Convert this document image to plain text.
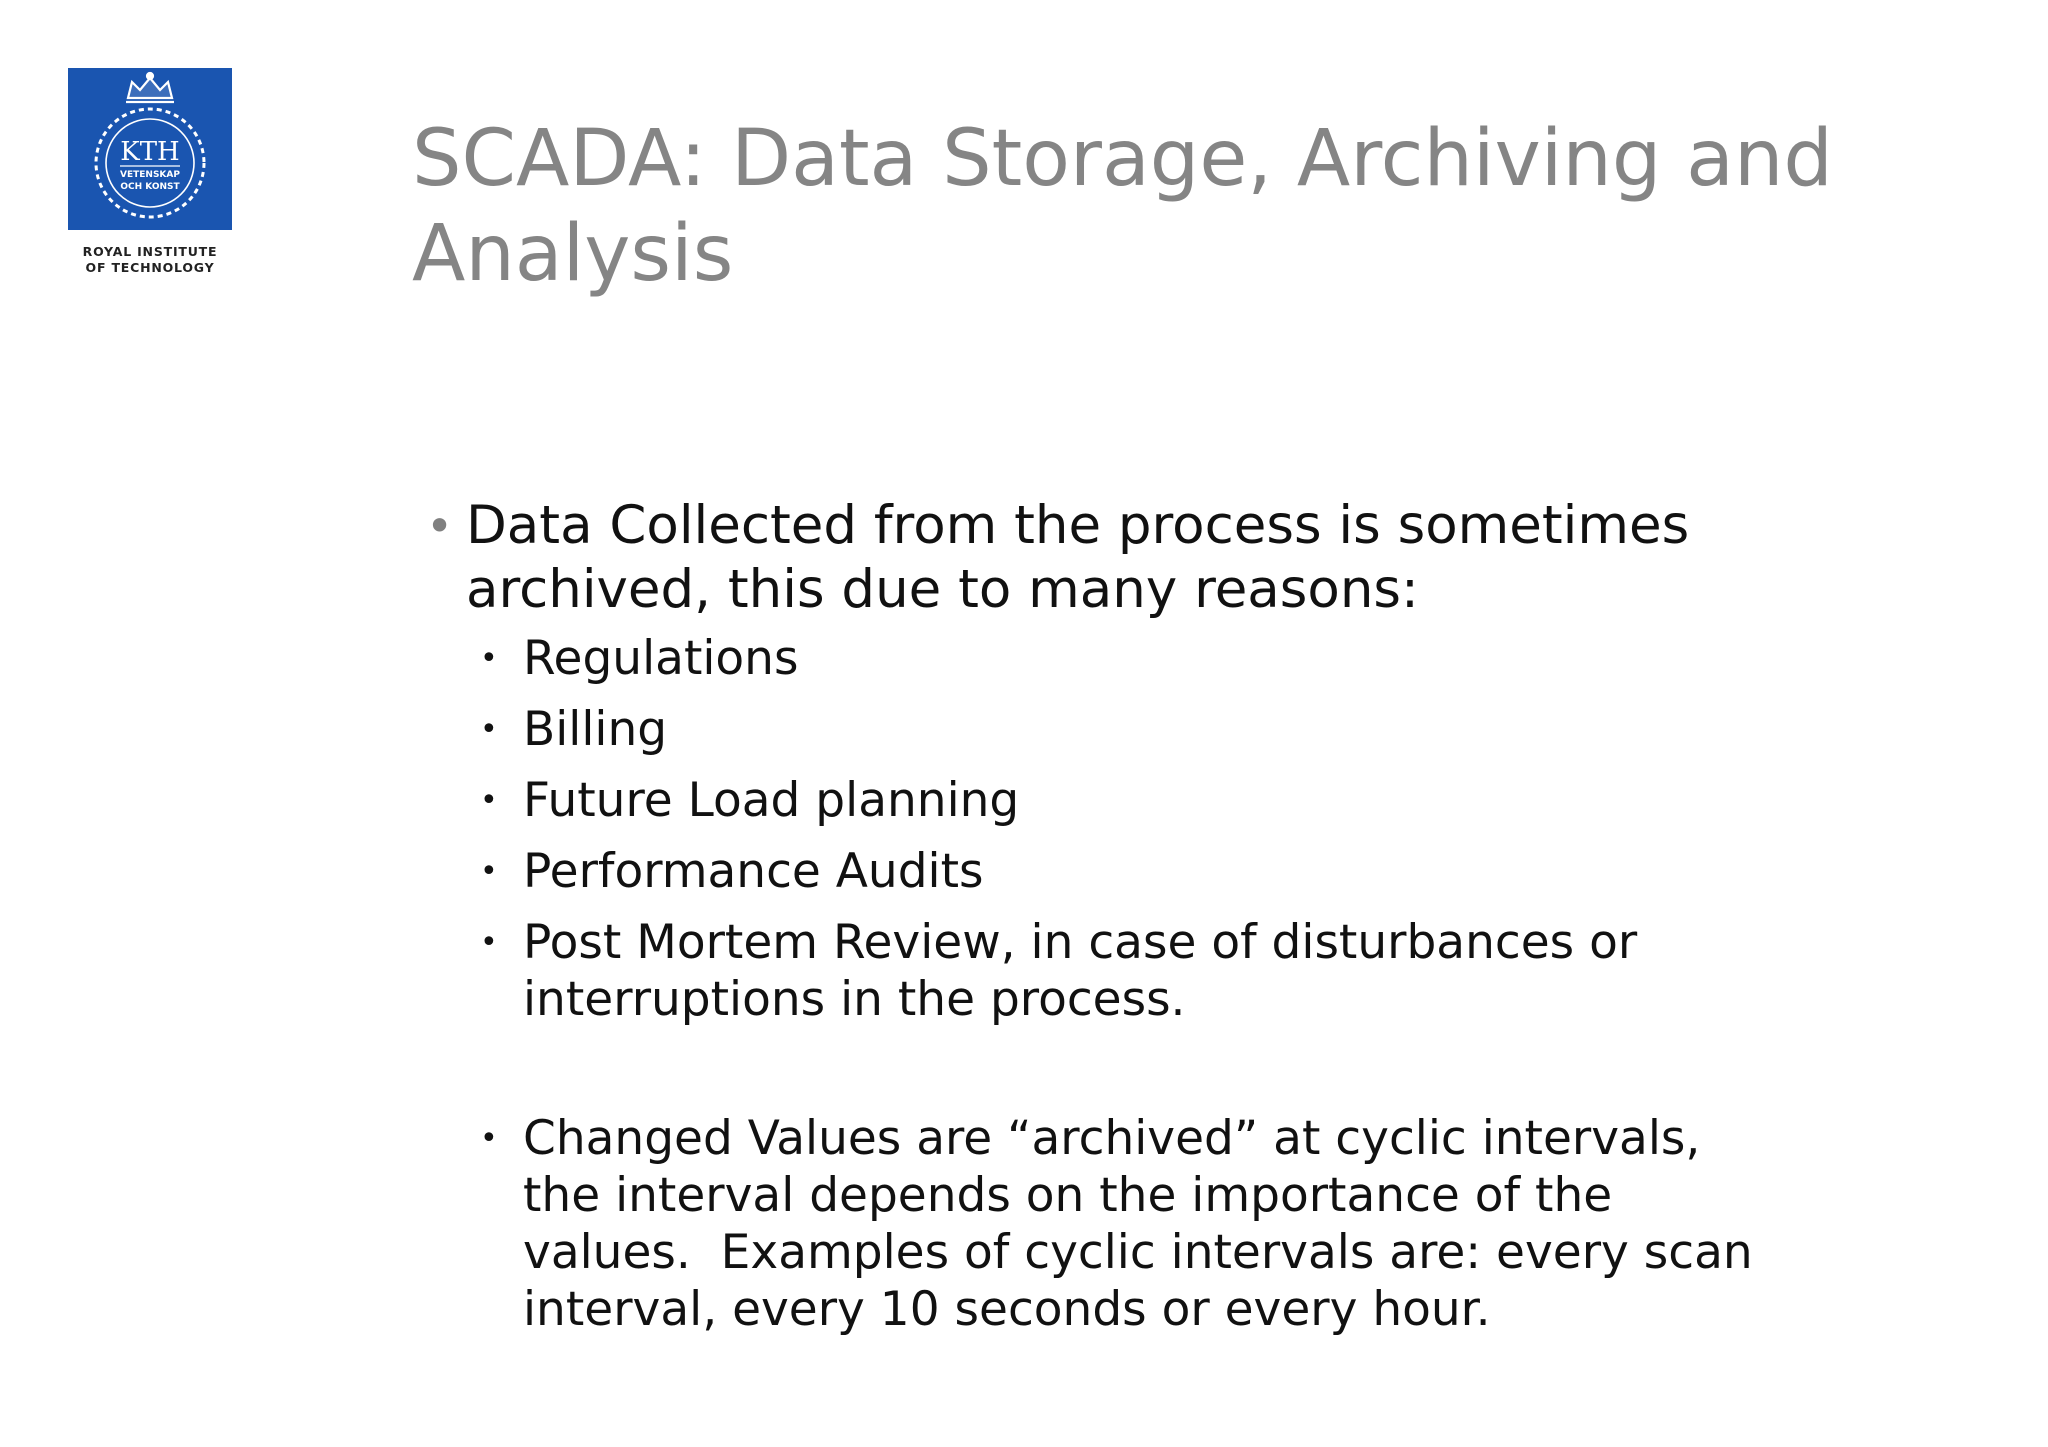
KTH
VETENSKAP
OCH KONST
ROYAL INSTITUTE
OF TECHNOLOGY
SCADA: Data Storage, Archiving and Analysis
• Data Collected from the process is sometimes
archived, this due to many reasons:
• Regulations
• Billing
• Future Load planning
• Performance Audits
• Post Mortem Review, in case of disturbances or
interruptions in the process.
• Changed Values are “archived” at cyclic intervals,
the interval depends on the importance of the
values.  Examples of cyclic intervals are: every scan
interval, every 10 seconds or every hour.
